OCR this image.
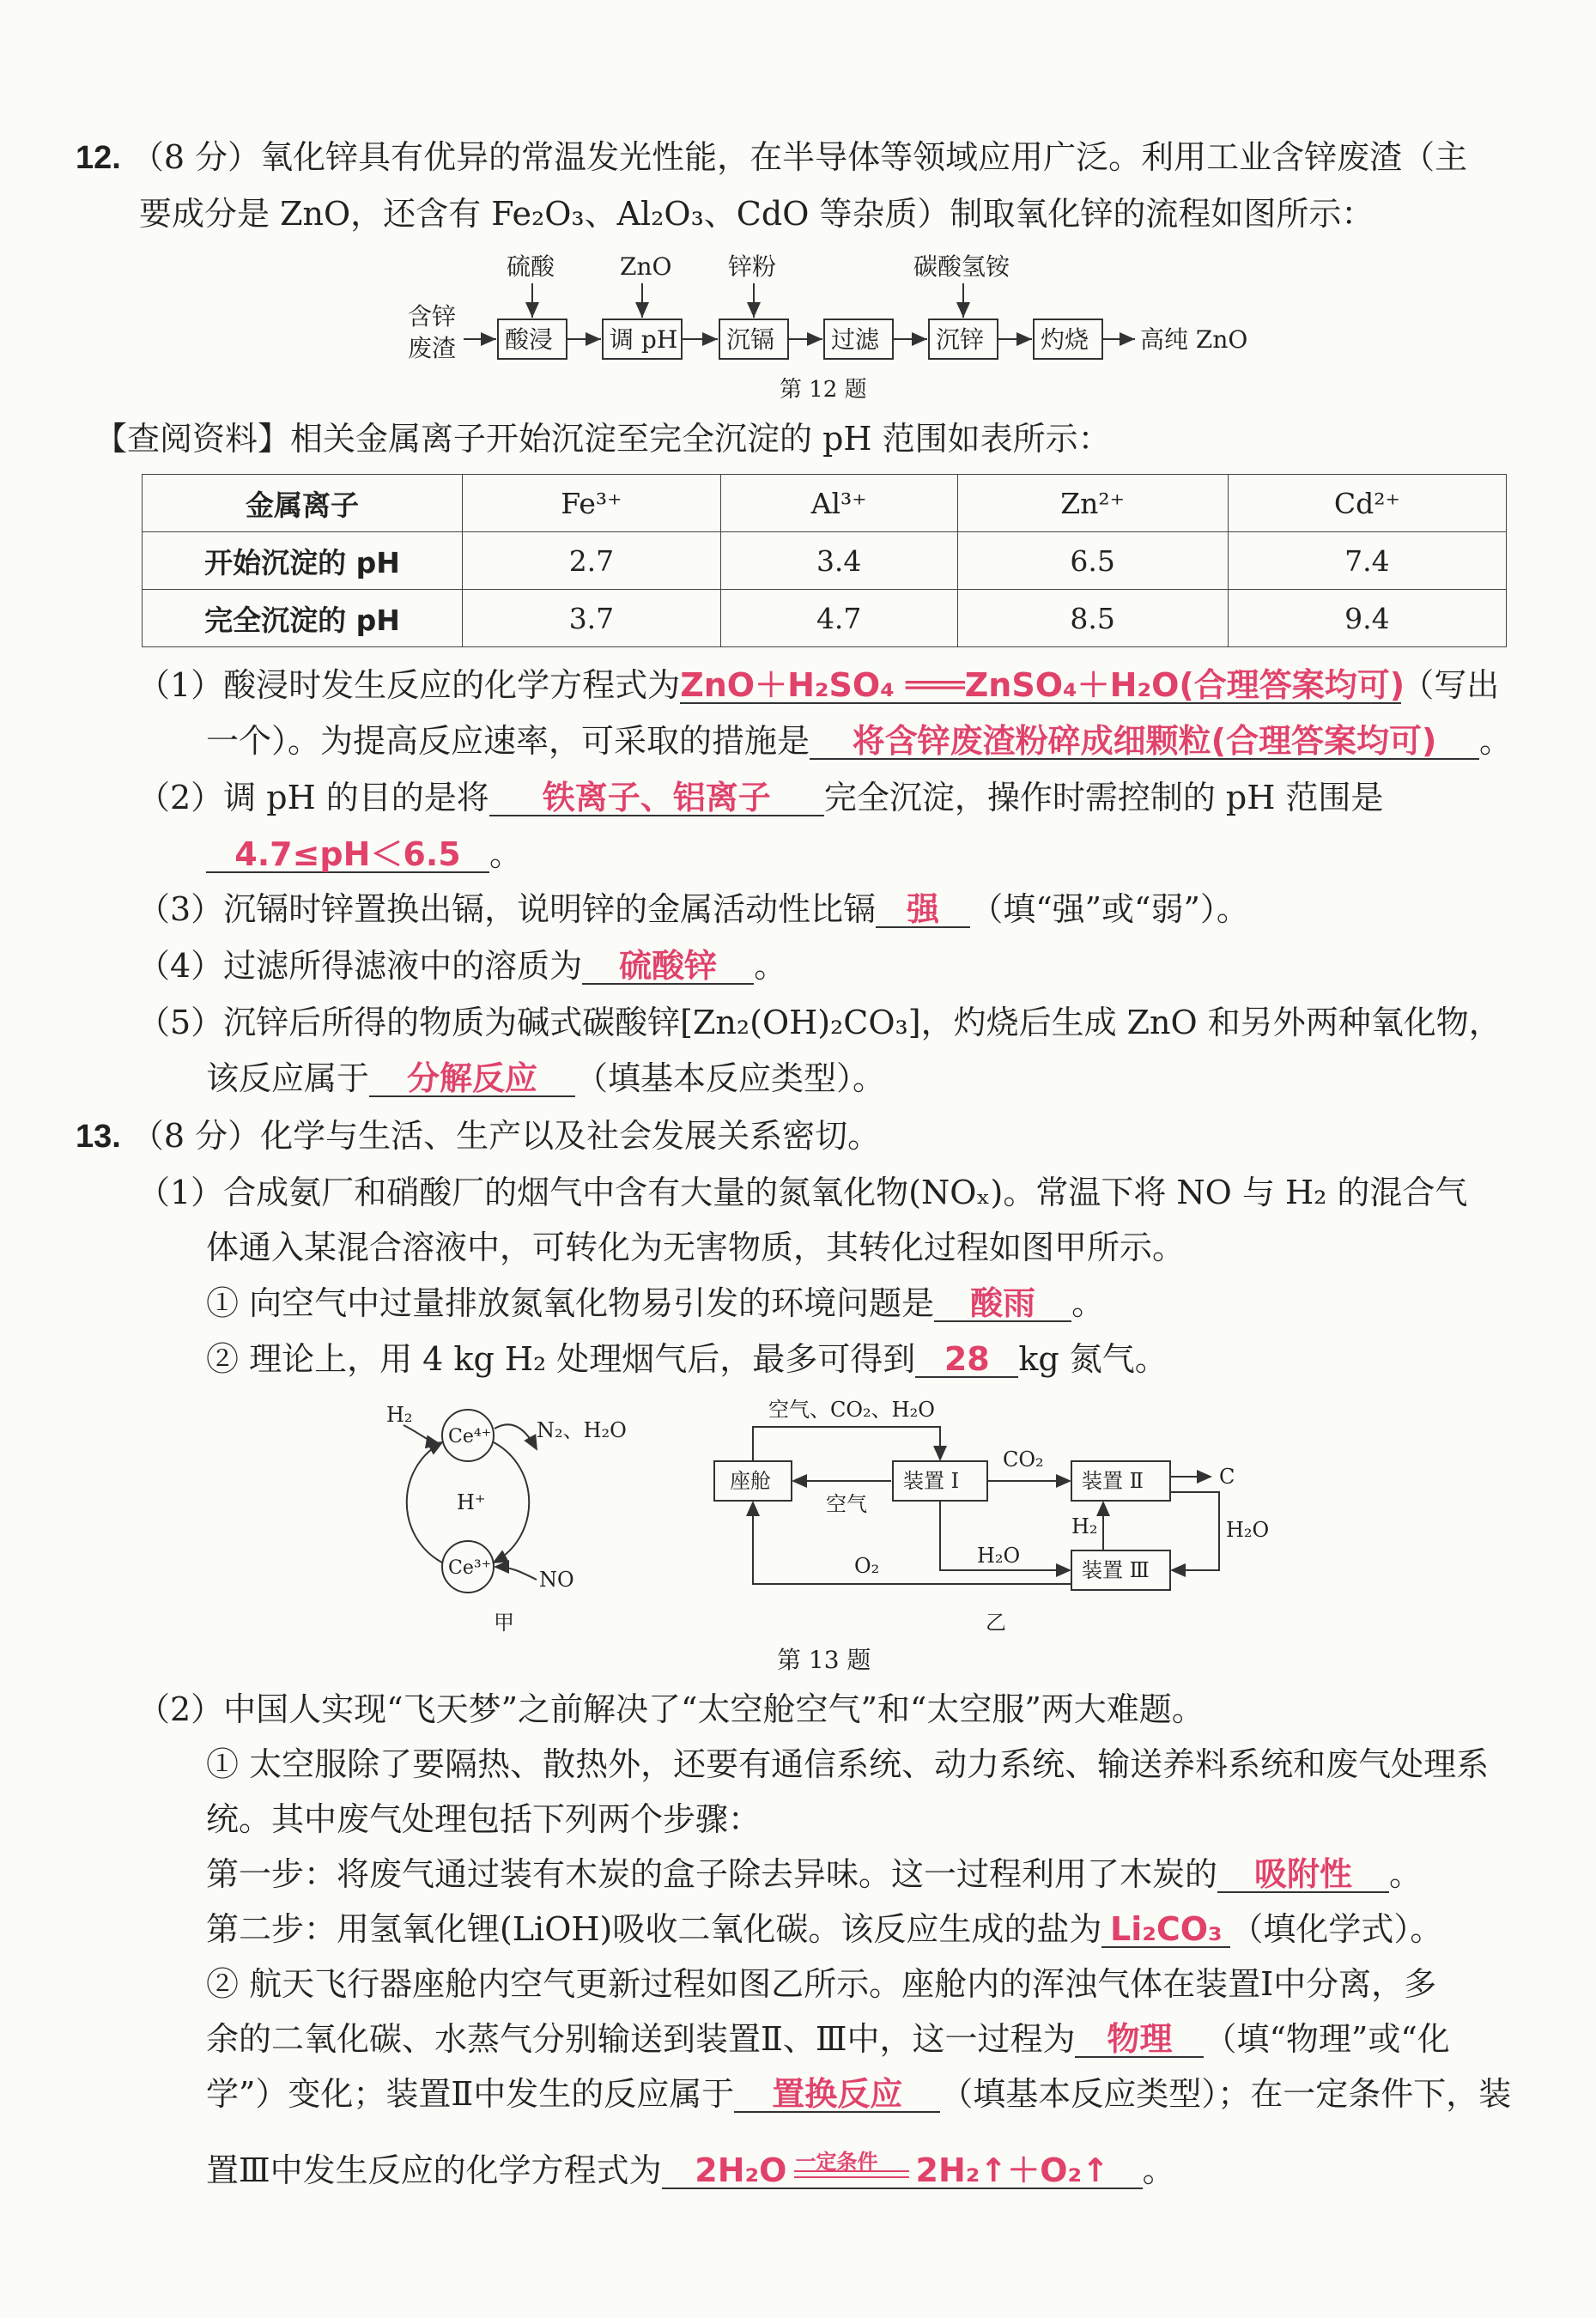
12. （8 分）氧化锌具有优异的常温发光性能，在半导体等领域应用广泛。利用工业含锌废渣（主
要成分是 ZnO，还含有 Fe₂O₃、Al₂O₃、CdO 等杂质）制取氧化锌的流程如图所示：
含锌
废渣 酸浸 调 pH 沉镉 过滤 沉锌 灼烧 高纯 ZnO
硫酸	ZnO 锌粉	碳酸氢铵
第 12 题
【查阅资料】相关金属离子开始沉淀至完全沉淀的 pH 范围如表所示：
金属离子	Fe³⁺	Al³⁺	Zn²⁺	Cd²⁺
开始沉淀的 pH	2.7	3.4	6.5	7.4
完全沉淀的 pH	3.7	4.7	8.5	9.4
（1）酸浸时发生反应的化学方程式为ZnO＋H₂SO₄ ═══ZnSO₄＋H₂O(合理答案均可)（写出
一个）。为提高反应速率，可采取的措施是 将含锌废渣粉碎成细颗粒(合理答案均可) 。
（2）调 pH 的目的是将 铁离子、铝离子 完全沉淀，操作时需控制的 pH 范围是
4.7≤pH＜6.5 。
（3）沉镉时锌置换出镉，说明锌的金属活动性比镉 强 （填“强”或“弱”）。
（4）过滤所得滤液中的溶质为 硫酸锌 。
（5）沉锌后所得的物质为碱式碳酸锌[Zn₂(OH)₂CO₃]，灼烧后生成 ZnO 和另外两种氧化物，
该反应属于 分解反应 （填基本反应类型）。
13. （8 分）化学与生活、生产以及社会发展关系密切。
（1）合成氨厂和硝酸厂的烟气中含有大量的氮氧化物(NOₓ)。常温下将 NO 与 H₂ 的混合气
体通入某混合溶液中，可转化为无害物质，其转化过程如图甲所示。
① 向空气中过量排放氮氧化物易引发的环境问题是 酸雨 。
② 理论上，用 4 kg H₂ 处理烟气后，最多可得到 28 kg 氮气。
H₂
Ce⁴⁺ N₂、H₂O
H⁺
Ce³⁺ NO
甲
空气、CO₂、H₂O
座舱	装置 Ⅰ	装置 Ⅱ
装置 Ⅲ
空气
CO₂
C
H₂O
H₂
H₂O
O₂
乙
第 13 题
（2）中国人实现“飞天梦”之前解决了“太空舱空气”和“太空服”两大难题。
① 太空服除了要隔热、散热外，还要有通信系统、动力系统、输送养料系统和废气处理系
统。其中废气处理包括下列两个步骤：
第一步：将废气通过装有木炭的盒子除去异味。这一过程利用了木炭的 吸附性 。
第二步：用氢氧化锂(LiOH)吸收二氧化碳。该反应生成的盐为 Li₂CO₃ （填化学式）。
② 航天飞行器座舱内空气更新过程如图乙所示。座舱内的浑浊气体在装置Ⅰ中分离，多
余的二氧化碳、水蒸气分别输送到装置Ⅱ、Ⅲ中，这一过程为 物理 （填“物理”或“化
学”）变化；装置Ⅱ中发生的反应属于 置换反应 （填基本反应类型）；在一定条件下，装
置Ⅲ中发生反应的化学方程式为 2H₂O 一定条件 2H₂↑＋O₂↑ 。
